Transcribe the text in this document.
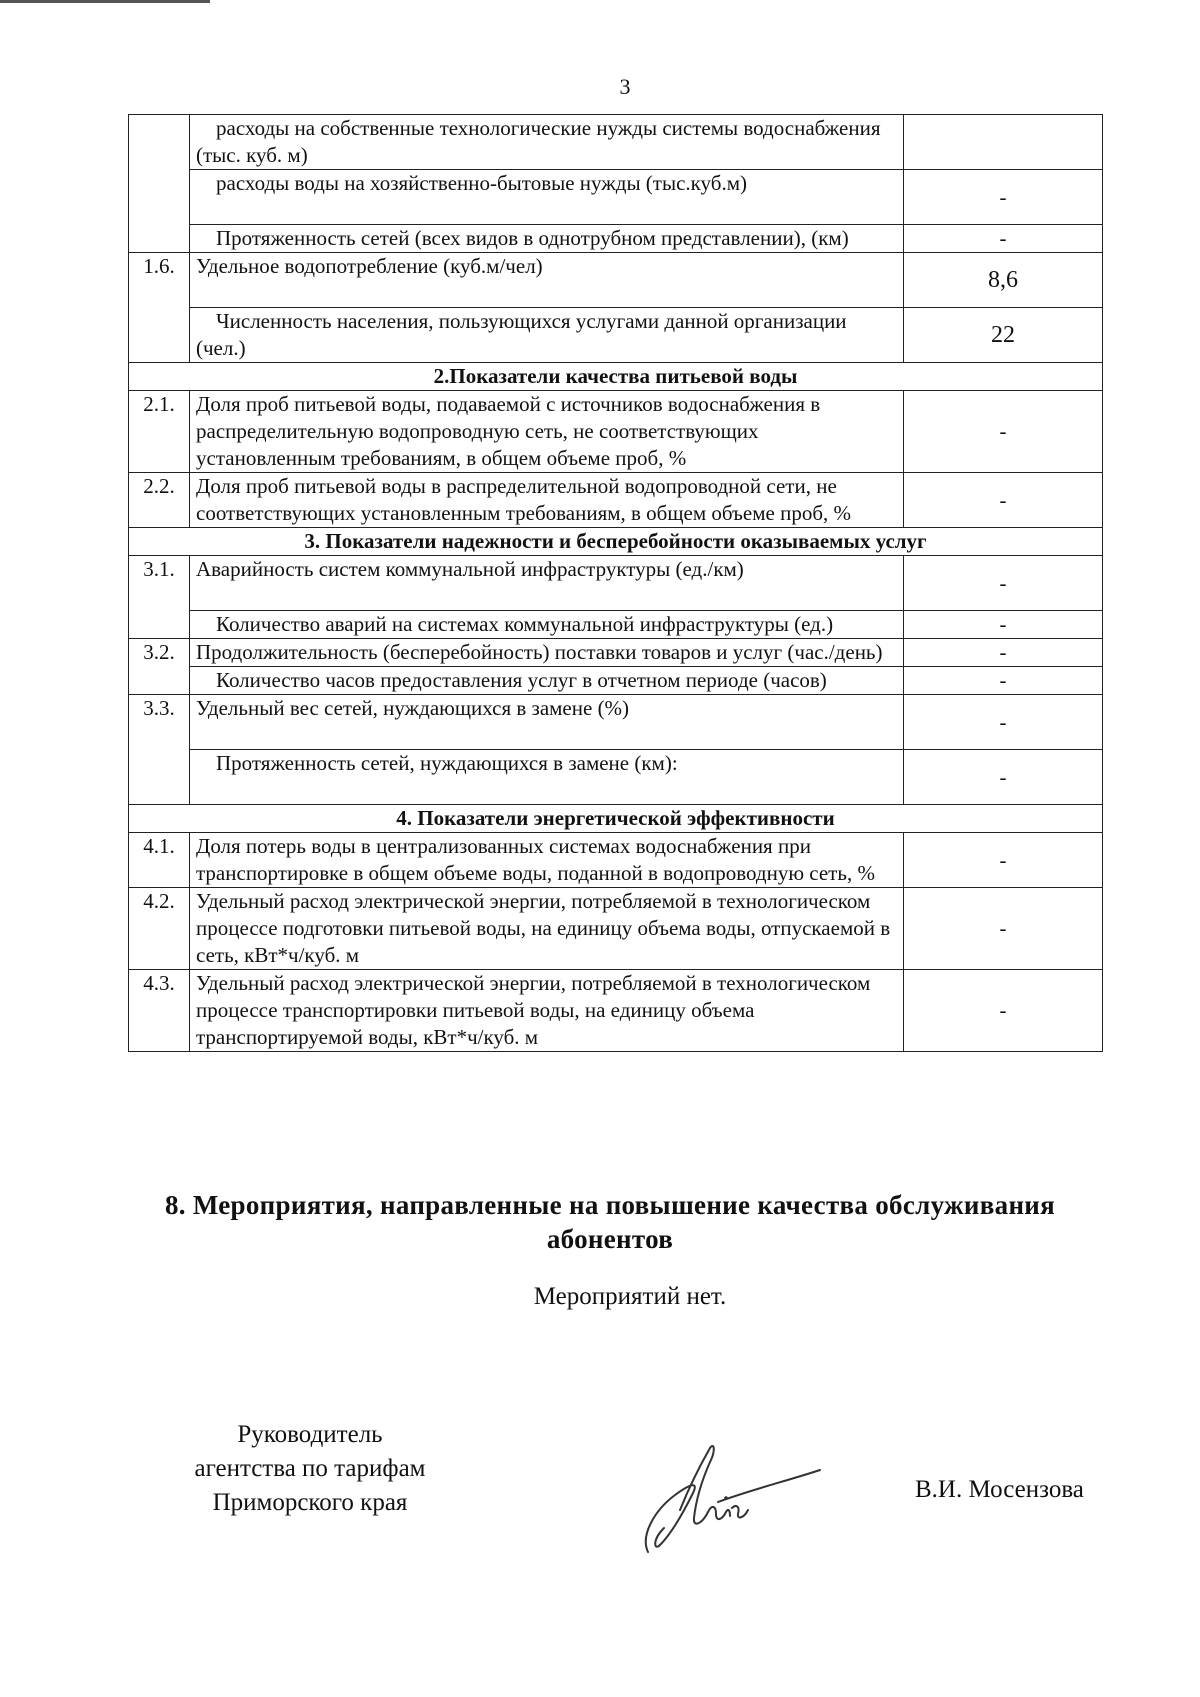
3
	расходы на собственные технологические нужды системы водоснабжения (тыс. куб. м)	
	расходы воды на хозяйственно-бытовые нужды (тыс.куб.м)	-
	Протяженность сетей (всех видов в однотрубном представлении), (км)	-
1.6.	Удельное водопотребление (куб.м/чел)	8,6
	Численность населения, пользующихся услугами данной организации (чел.)	22
2.Показатели качества питьевой воды		
2.1.	Доля проб питьевой воды, подаваемой с источников водоснабжения в распределительную водопроводную сеть, не соответствующих установленным требованиям, в общем объеме проб, %	-
2.2.	Доля проб питьевой воды в распределительной водопроводной сети, не соответствующих установленным требованиям, в общем объеме проб, %	-
3. Показатели надежности и бесперебойности оказываемых услуг		
3.1.	Аварийность систем коммунальной инфраструктуры (ед./км)	-
	Количество аварий на системах коммунальной инфраструктуры (ед.)	-
3.2.	Продолжительность (бесперебойность) поставки товаров и услуг (час./день)	-
	Количество часов предоставления услуг в отчетном периоде (часов)	-
3.3.	Удельный вес сетей, нуждающихся в замене (%)	-
	Протяженность сетей, нуждающихся в замене (км):	-
4. Показатели энергетической эффективности		
4.1.	Доля потерь воды в централизованных системах водоснабжения при транспортировке в общем объеме воды, поданной в водопроводную сеть, %	-
4.2.	Удельный расход электрической энергии, потребляемой в технологическом процессе подготовки питьевой воды, на единицу объема воды, отпускаемой в сеть, кВт*ч/куб. м	-
4.3.	Удельный расход электрической энергии, потребляемой в технологическом процессе транспортировки питьевой воды, на единицу объема транспортируемой воды, кВт*ч/куб. м	-
8. Мероприятия, направленные на повышение качества обслуживания абонентов
Мероприятий нет.
Руководитель
агентства по тарифам
Приморского края	В.И. Мосензова
